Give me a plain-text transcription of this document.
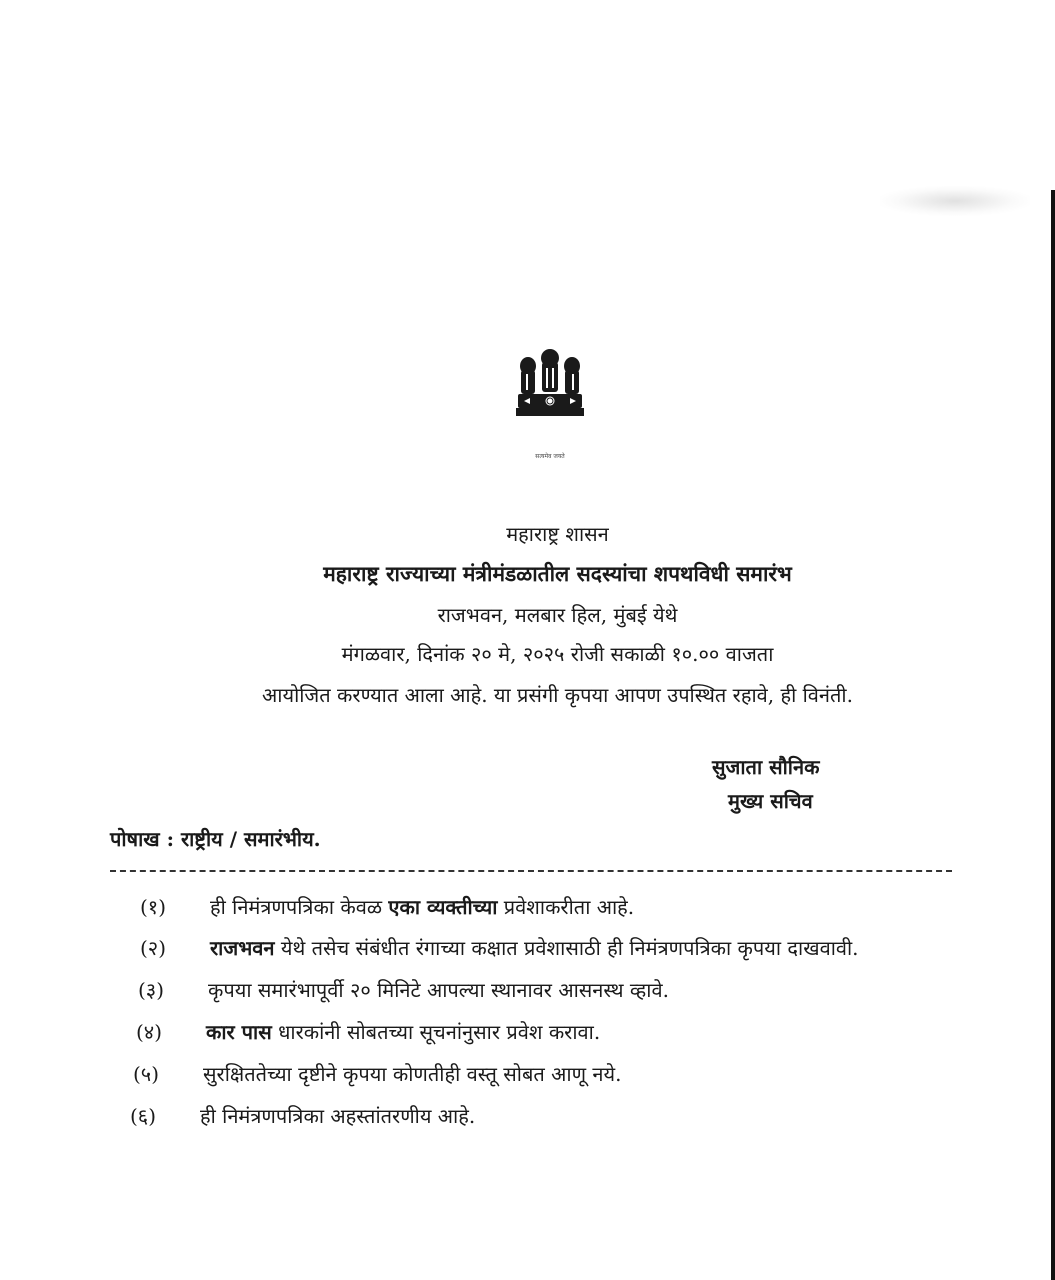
सत्यमेव जयते
महाराष्ट्र शासन
महाराष्ट्र राज्याच्या मंत्रीमंडळातील सदस्यांचा शपथविधी समारंभ
राजभवन, मलबार हिल, मुंबई येथे
मंगळवार, दिनांक २० मे, २०२५ रोजी सकाळी १०.०० वाजता
आयोजित करण्यात आला आहे. या प्रसंगी कृपया आपण उपस्थित रहावे, ही विनंती.
सुजाता सौनिक
मुख्य सचिव
पोषाख : राष्ट्रीय / समारंभीय.
(१) ही निमंत्रणपत्रिका केवळ एका व्यक्तीच्या प्रवेशाकरीता आहे.
(२) राजभवन येथे तसेच संबंधीत रंगाच्या कक्षात प्रवेशासाठी ही निमंत्रणपत्रिका कृपया दाखवावी.
(३) कृपया समारंभापूर्वी २० मिनिटे आपल्या स्थानावर आसनस्थ व्हावे.
(४) कार पास धारकांनी सोबतच्या सूचनांनुसार प्रवेश करावा.
(५) सुरक्षिततेच्या दृष्टीने कृपया कोणतीही वस्तू सोबत आणू नये.
(६) ही निमंत्रणपत्रिका अहस्तांतरणीय आहे.
